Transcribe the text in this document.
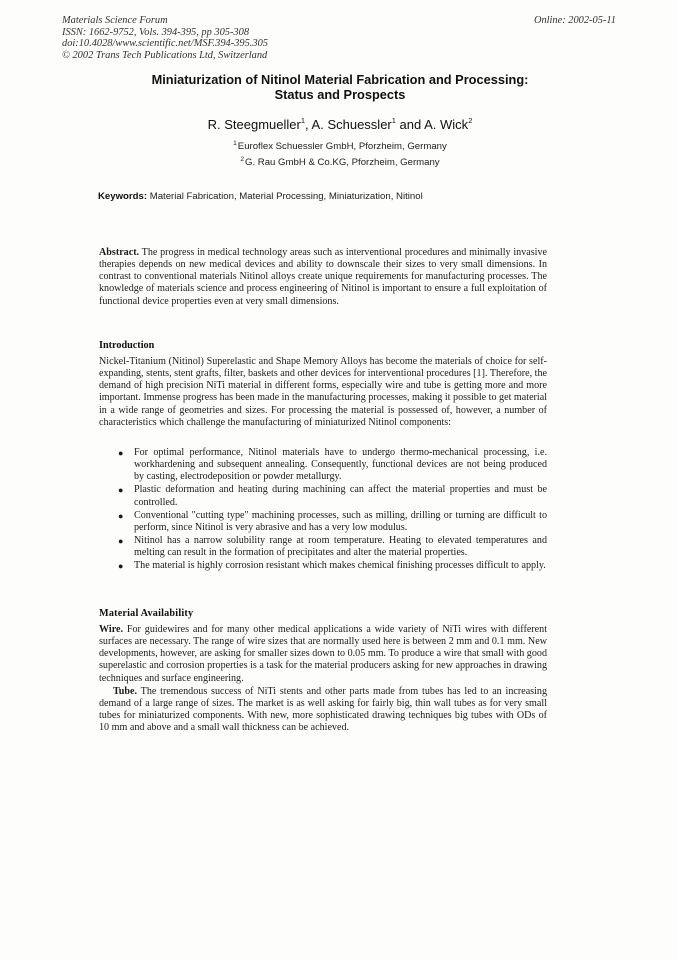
Materials Science Forum
ISSN: 1662-9752, Vols. 394-395, pp 305-308
doi:10.4028/www.scientific.net/MSF.394-395.305
© 2002 Trans Tech Publications Ltd, Switzerland
Online: 2002-05-11
Miniaturization of Nitinol Material Fabrication and Processing:
Status and Prospects
R. Steegmueller$^1$, A. Schuessler$^1$ and A. Wick$^2$
$^1$Euroflex Schuessler GmbH, Pforzheim, Germany
$^2$G. Rau GmbH & Co.KG, Pforzheim, Germany
Keywords: Material Fabrication, Material Processing, Miniaturization, Nitinol

Abstract. The progress in medical technology areas such as interventional procedures and minimally invasive therapies depends on new medical devices and ability to downscale their sizes to very small dimensions. In contrast to conventional materials Nitinol alloys create unique requirements for manufacturing processes. The knowledge of materials science and process engineering of Nitinol is important to ensure a full exploitation of functional device properties even at very small dimensions.

Introduction

Nickel-Titanium (Nitinol) Superelastic and Shape Memory Alloys has become the materials of choice for self-expanding, stents, stent grafts, filter, baskets and other devices for interventional procedures [1]. Therefore, the demand of high precision NiTi material in different forms, especially wire and tube is getting more and more important. Immense progress has been made in the manufacturing processes, making it possible to get material in a wide range of geometries and sizes. For processing the material is possessed of, however, a number of characteristics which challenge the manufacturing of miniaturized Nitinol components:

● For optimal performance, Nitinol materials have to undergo thermo-mechanical processing, i.e. workhardening and subsequent annealing. Consequently, functional devices are not being produced by casting, electrodeposition or powder metallurgy.
● Plastic deformation and heating during machining can affect the material properties and must be controlled.
● Conventional "cutting type" machining processes, such as milling, drilling or turning are difficult to perform, since Nitinol is very abrasive and has a very low modulus.
● Nitinol has a narrow solubility range at room temperature. Heating to elevated temperatures and melting can result in the formation of precipitates and alter the material properties.
● The material is highly corrosion resistant which makes chemical finishing processes difficult to apply.
Material Availability

Wire. For guidewires and for many other medical applications a wide variety of NiTi wires with different surfaces are necessary. The range of wire sizes that are normally used here is between 2 mm and 0.1 mm. New developments, however, are asking for smaller sizes down to 0.05 mm. To produce a wire that small with good superelastic and corrosion properties is a task for the material producers asking for new approaches in drawing techniques and surface engineering.

Tube. The tremendous success of NiTi stents and other parts made from tubes has led to an increasing demand of a large range of sizes. The market is as well asking for fairly big, thin wall tubes as for very small tubes for miniaturized components. With new, more sophisticated drawing techniques big tubes with ODs of 10 mm and above and a small wall thickness can be achieved.
